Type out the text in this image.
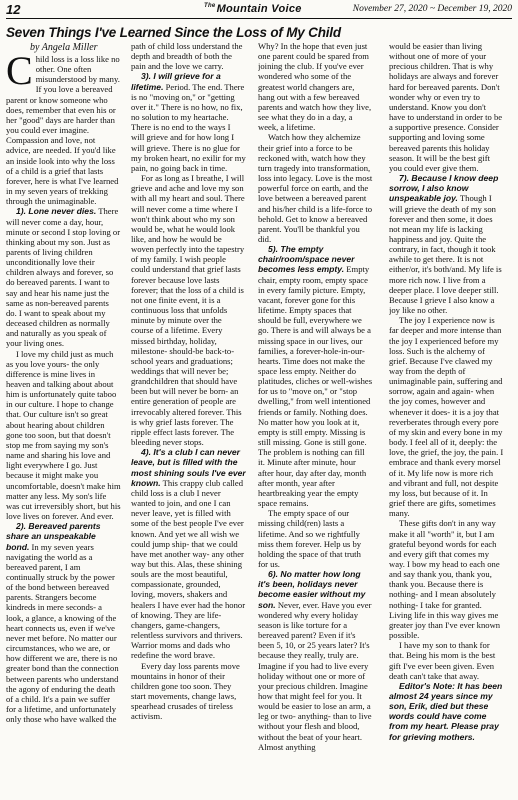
12	$^{The}$Mountain Voice	November 27, 2020 ~ December 19, 2020
Seven Things I've Learned Since the Loss of My Child
by Angela Miller

Child loss is a loss like no other. One often misunderstood by many. If you love a bereaved parent or know someone who does, remember that even his or her "good" days are harder than you could ever imagine. Compassion and love, not advice, are needed. If you'd like an inside look into why the loss of a child is a grief that lasts forever, here is what I've learned in my seven years of trekking through the unimaginable.

1). Lone never dies. There will never come a day, hour, minute or second I stop loving or thinking about my son. Just as parents of living children unconditionally love their children always and forever, so do bereaved parents. I want to say and hear his name just the same as non-bereaved parents do. I want to speak about my deceased children as normally and naturally as you speak of your living ones.

I love my child just as much as you love yours- the only difference is mine lives in heaven and talking about about him is unfortunately quite taboo in our culture. I hope to change that. Our culture isn't so great about hearing about children gone too soon, but that doesn't stop me from saying my son's name and sharing his love and light everywhere I go. Just because it might make you uncomfortable, doesn't make him matter any less. My son's life was cut irreversibly short, but his love lives on forever. And ever.

2). Bereaved parents share an unspeakable bond. In my seven years navigating the world as a bereaved parent, I am continually struck by the power of the bond between bereaved parents. Strangers become kindreds in mere seconds- a look, a glance, a knowing of the heart connects us, even if we've never met before. No matter our circumstances, who we are, or how different we are, there is no greater bond than the connection between parents who understand the agony of enduring the death of a child. It's a pain we suffer for a lifetime, and unfortunately only those who have walked the

path of child loss understand the depth and breadth of both the pain and the love we carry.

3). I will grieve for a lifetime. Period. The end. There is no "moving on," or "getting over it." There is no how, no fix, no solution to my heartache. There is no end to the ways I will grieve and for how long I will grieve. There is no glue for my broken heart, no exilir for my pain, no going back in time.

For as long as I breathe, I will grieve and ache and love my son with all my heart and soul. There will never come a time where I won't think about who my son would be, what he would look like, and how he would be woven perfectly into the tapestry of my family. I wish people could understand that grief lasts forever because love lasts forever; that the loss of a child is not one finite event, it is a continuous loss that unfolds minute by minute over the course of a lifetime. Every missed birthday, holiday, milestone- should-be back-to-school years and graduations; weddings that will never be; grandchildren that should have been but will never be born- an entire generation of people are irrevocably altered forever. This is why grief lasts forever. The ripple effect lasts forever. The bleeding never stops.

4). It's a club I can never leave, but is filled with the most shining souls I've ever known. This crappy club called child loss is a club I never wanted to join, and one I can never leave, yet is filled with some of the best people I've ever known. And yet we all wish we could jump ship- that we could have met another way- any other way but this. Alas, these shining souls are the most beautiful, compassionate, grounded, loving, movers, shakers and healers I have ever had the honor of knowing. They are life-changers, game-changers, relentless survivors and thrivers. Warrior moms and dads who redefine the word brave.

Every day loss parents move mountains in honor of their children gone too soon. They start movements, change laws, spearhead crusades of tireless activism.

Why? In the hope that even just one parent could be spared from joining the club. If you've ever wondered who some of the greatest world changers are, hang out with a few bereaved parents and watch how they live, see what they do in a day, a week, a lifetime.

Watch how they alchemize their grief into a force to be reckoned with, watch how they turn tragedy into transformation, loss into legacy. Love is the most powerful force on earth, and the love between a bereaved parent and his/her child is a life-force to behold. Get to know a bereaved parent. You'll be thankful you did.

5). The empty chair/room/space never becomes less empty. Empty chair, empty room, empty space in every family picture. Empty, vacant, forever gone for this lifetime. Empty spaces that should be full, everywhere we go. There is and will always be a missing space in our lives, our families, a forever-hole-in-our-hearts. Time does not make the space less empty. Neither do platitudes, cliches or well-wishes for us to "move on," or "stop dwelling," from well intentioned friends or family. Nothing does. No matter how you look at it, empty is still empty. Missing is still missing. Gone is still gone. The problem is nothing can fill it. Minute after minute, hour after hour, day after day, month after month, year after heartbreaking year the empty space remains.

The empty space of our missing child(ren) lasts a lifetime. And so we rightfully miss them forever. Help us by holding the space of that truth for us.

6). No matter how long it's been, holidays never become easier without my son. Never, ever. Have you ever wondered why every holiday season is like torture for a bereaved parent? Even if it's been 5, 10, or 25 years later? It's because they really, truly are. Imagine if you had to live every holiday without one or more of your precious children. Imagine how that might feel for you. It would be easier to lose an arm, a leg or two- anything- than to live without your flesh and blood, without the beat of your heart. Almost anything

would be easier than living without one of more of your precious children. That is why holidays are always and forever hard for bereaved parents. Don't wonder why or even try to understand. Know you don't have to understand in order to be a supportive presence. Consider supporting and loving some bereaved parents this holiday season. It will be the best gift you could ever give them.

7). Because I know deep sorrow, I also know unspeakable joy. Though I will grieve the death of my son forever and then some, it does not mean my life is lacking happiness and joy. Quite the contrary, in fact, though it took awhile to get there. It is not either/or, it's both/and. My life is more rich now. I live from a deeper place. I love deeper still. Because I grieve I also know a joy like no other.

The joy I experience now is far deeper and more intense than the joy I experienced before my loss. Such is the alchemy of grief. Because I've clawed my way from the depth of unimaginable pain, suffering and sorrow, again and again- when the joy comes, however and whenever it does- it is a joy that reverberates through every pore of my skin and every bone in my body. I feel all of it, deeply: the love, the grief, the joy, the pain. I embrace and thank every morsel of it. My life now is more rich and vibrant and full, not despite my loss, but because of it. In grief there are gifts, sometimes many.

These gifts don't in any way make it all "worth" it, but I am grateful beyond words for each and every gift that comes my way. I bow my head to each one and say thank you, thank you, thank you. Because there is nothing- and I mean absolutely nothing- I take for granted. Living life in this way gives me greater joy than I've ever known possible.

I have my son to thank for that. Being his mom is the best gift I've ever been given. Even death can't take that away.

Editor's Note: It has been almost 24 years since my son, Erik, died but these words could have come from my heart. Please pray for grieving mothers.
